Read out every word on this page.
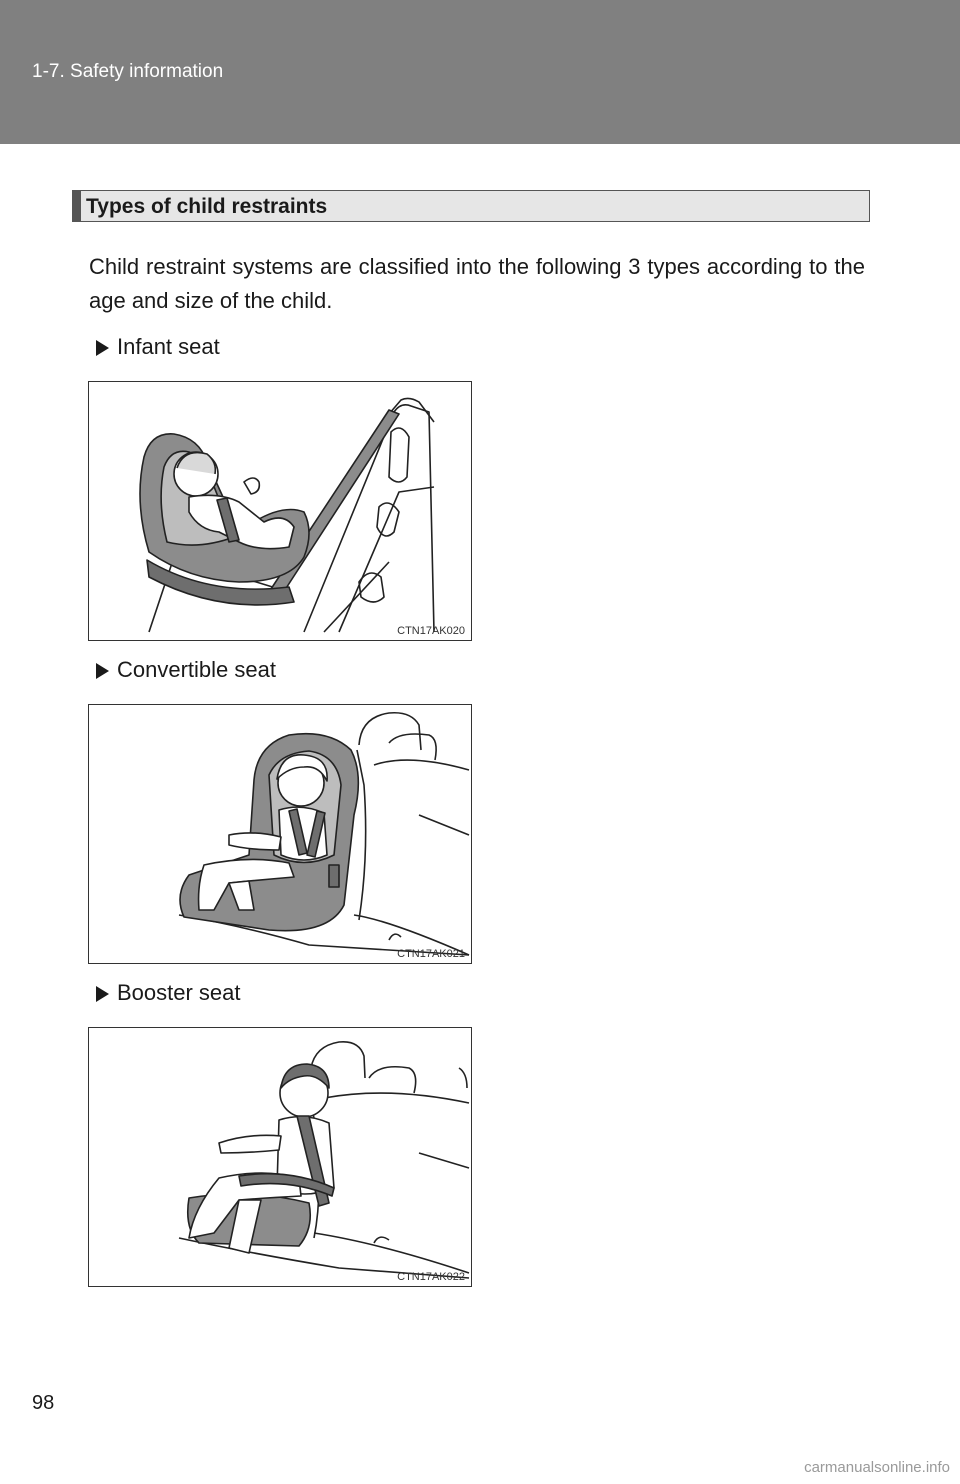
1-7. Safety information
Types of child restraints
Child restraint systems are classified into the following 3 types according to the age and size of the child.
Infant seat
CTN17AK020
Convertible seat
CTN17AK021
Booster seat
CTN17AK022
98
carmanualsonline.info
